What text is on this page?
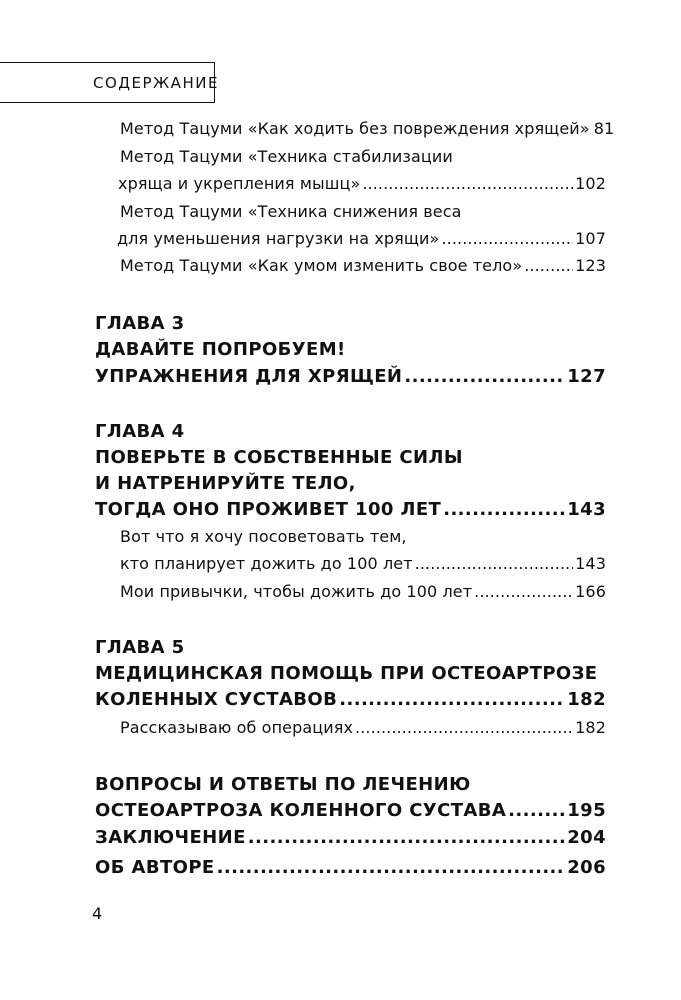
СОДЕРЖАНИЕ
Метод Тацуми «Как ходить без повреждения хрящей» 81
Метод Тацуми «Техника стабилизации
хряща и укрепления мышц» .....	102
Метод Тацуми «Техника снижения веса
для уменьшения нагрузки на хрящи» .....	107
Метод Тацуми «Как умом изменить свое тело» .....	123
ГЛАВА 3
ДАВАЙТЕ ПОПРОБУЕМ!
УПРАЖНЕНИЯ ДЛЯ ХРЯЩЕЙ .....	127
ГЛАВА 4
ПОВЕРЬТЕ В СОБСТВЕННЫЕ СИЛЫ
И НАТРЕНИРУЙТЕ ТЕЛО,
ТОГДА ОНО ПРОЖИВЕТ 100 ЛЕТ .....	143
Вот что я хочу посоветовать тем,
кто планирует дожить до 100 лет .....	143
Мои привычки, чтобы дожить до 100 лет .....	166
ГЛАВА 5
МЕДИЦИНСКАЯ ПОМОЩЬ ПРИ ОСТЕОАРТРОЗЕ
КОЛЕННЫХ СУСТАВОВ .....	182
Рассказываю об операциях .....	182
ВОПРОСЫ И ОТВЕТЫ ПО ЛЕЧЕНИЮ
ОСТЕОАРТРОЗА КОЛЕННОГО СУСТАВА .....	195
ЗАКЛЮЧЕНИЕ .....	204
ОБ АВТОРЕ .....	206
4
